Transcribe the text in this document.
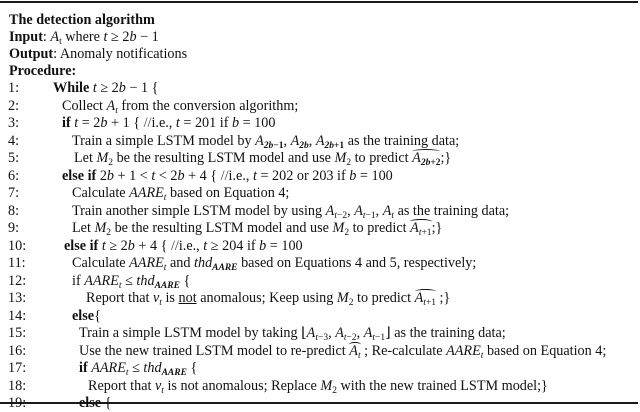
The detection algorithm
Input: $A_t$ where t ≥ 2b − 1
Output: Anomaly notifications
Procedure:
1:	While t ≥ 2b − 1 {
2:	Collect $A_t$ from the conversion algorithm;
3:	if t = 2b + 1 { //i.e., t = 201 if b = 100
4:	Train a simple LSTM model by $A_{2b-1}$, $A_{2b}$, $A_{2b+1}$ as the training data;
5:	Let $M_2$ be the resulting LSTM model and use $M_2$ to predict $A_{2b+2}$;}
6:	else if 2b + 1 < t < 2b + 4 { //i.e., t = 202 or 203 if b = 100
7:	Calculate $AARE_t$ based on Equation 4;
8:	Train another simple LSTM model by using $A_{t-2}$, $A_{t-1}$, $A_t$ as the training data;
9:	Let $M_2$ be the resulting LSTM model and use $M_2$ to predict $A_{t+1}$;}
10:	else if t ≥ 2b + 4 { //i.e., t ≥ 204 if b = 100
11:	Calculate $AARE_t$ and thd$_{AARE}$ based on Equations 4 and 5, respectively;
12:	if $AARE_t \le thd_{AARE}$ {
13:	Report that $v_t$ is not anomalous; Keep using $M_2$ to predict $A_{t+1}$ ;}
14:	else{
15:	Train a simple LSTM model by taking $⌊A_{t-3}$, $A_{t-2}$, $A_{t-1}⌋$ as the training data;
16:	Use the new trained LSTM model to re-predict $A_t$ ; Re-calculate $AARE_t$ based on Equation 4;
17:	if $AARE_t \le thd_{AARE}$ {
18:	Report that $v_t$ is not anomalous; Replace $M_2$ with the new trained LSTM model;}
19:	else {
